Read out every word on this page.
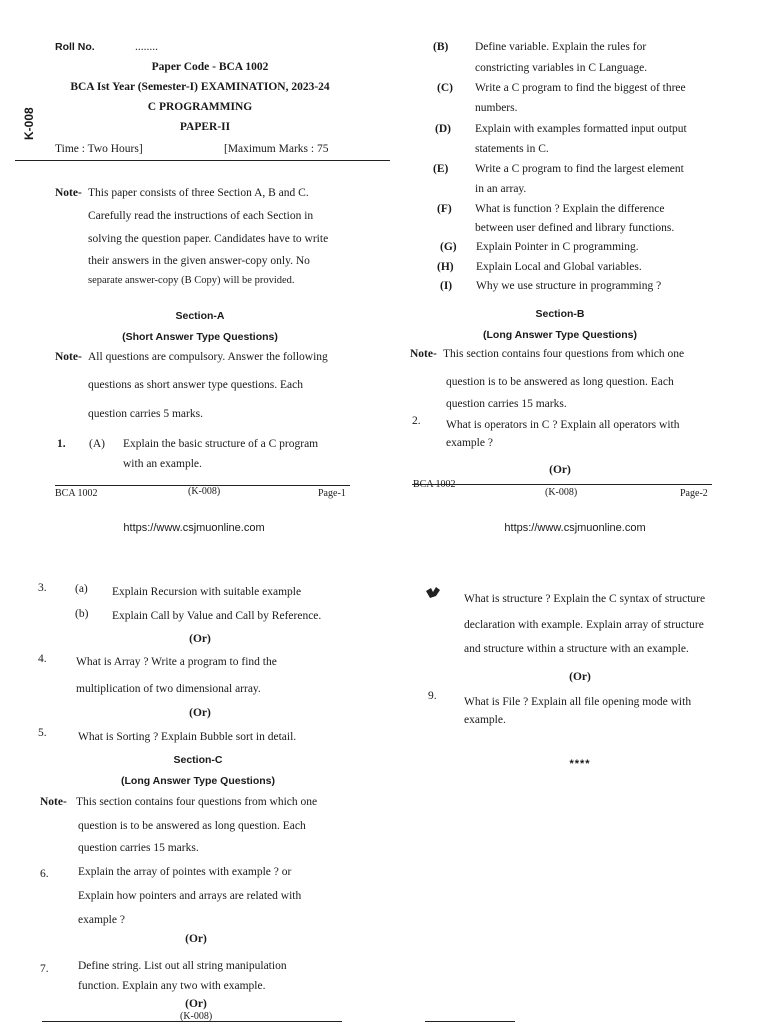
Roll No.	........
Paper Code - BCA 1002
BCA Ist Year (Semester-I) EXAMINATION, 2023-24
C PROGRAMMING
PAPER-II
K-008
Time : Two Hours]	[Maximum Marks : 75
Note- This paper consists of three Section A, B and C.
Carefully read the instructions of each Section in
solving the question paper. Candidates have to write
their answers in the given answer-copy only. No
separate answer-copy (B Copy) will be provided.
Section-A
(Short Answer Type Questions)
Note- All questions are compulsory. Answer the following
questions as short answer type questions. Each
question carries 5 marks.
1. (A) Explain the basic structure of a C program
with an example.
BCA 1002	(K-008)	Page-1
https://www.csjmuonline.com
(B) Define variable. Explain the rules for
constricting variables in C Language.
(C) Write a C program to find the biggest of three
numbers.
(D) Explain with examples formatted input output
statements in C.
(E) Write a C program to find the largest element
in an array.
(F) What is function ? Explain the difference
between user defined and library functions.
(G) Explain Pointer in C programming.
(H) Explain Local and Global variables.
(I) Why we use structure in programming ?
Section-B
(Long Answer Type Questions)
Note- This section contains four questions from which one
question is to be answered as long question. Each
question carries 15 marks.
2. What is operators in C ? Explain all operators with
example ?
(Or)
BCA 1002
(K-008)	Page-2
https://www.csjmuonline.com
3. (a) Explain Recursion with suitable example
(b) Explain Call by Value and Call by Reference.
(Or)
4.	What is Array ? Write a program to find the
multiplication of two dimensional array.
(Or)
5.	What is Sorting ? Explain Bubble sort in detail.
Section-C
(Long Answer Type Questions)
Note- This section contains four questions from which one
question is to be answered as long question. Each
question carries 15 marks.
6.	Explain the array of pointes with example ? or
Explain how pointers and arrays are related with
example ?
(Or)
7.	Define string. List out all string manipulation
function. Explain any two with example.
(Or)
(K-008)
What is structure ? Explain the C syntax of structure
declaration with example. Explain array of structure
and structure within a structure with an example.
(Or)
9. What is File ? Explain all file opening mode with
example.
****
